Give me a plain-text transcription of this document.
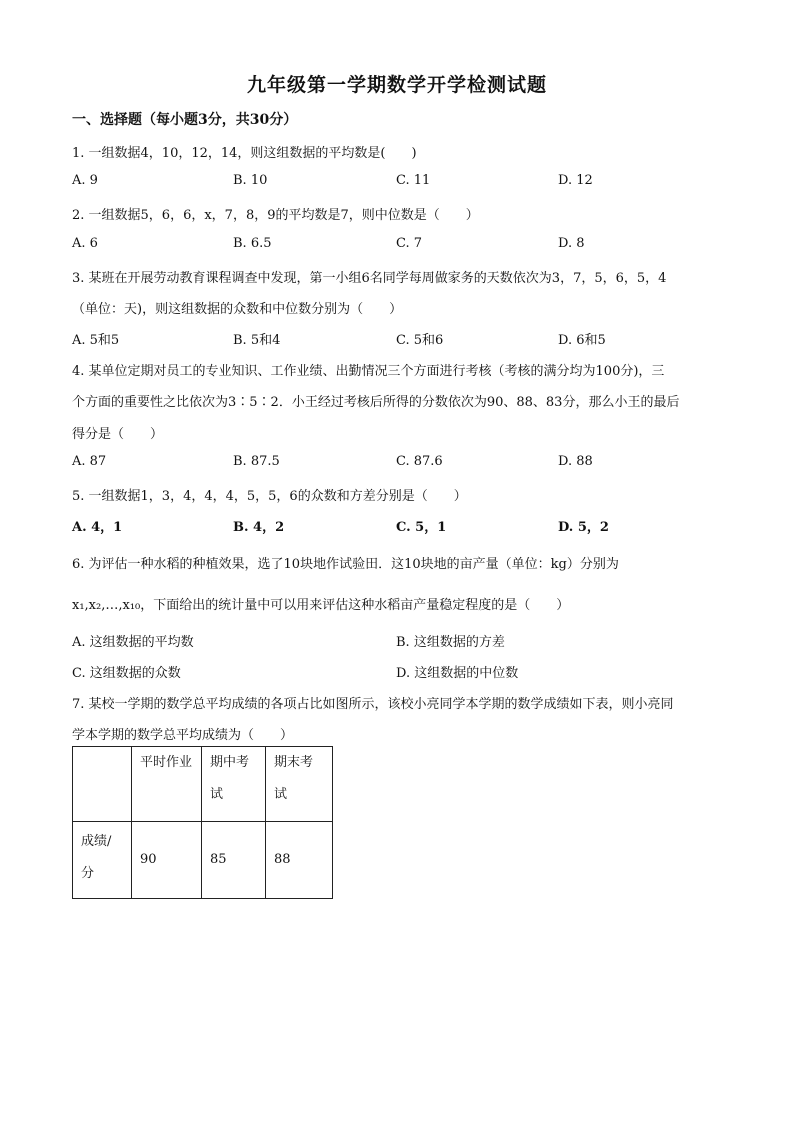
九年级第一学期数学开学检测试题
一、选择题（每小题3分，共30分）
1. 一组数据4，10，12，14，则这组数据的平均数是(　　)
A. 9	B. 10	C. 11	D. 12
2. 一组数据5，6，6，x，7，8，9的平均数是7，则中位数是（　　）
A. 6	B. 6.5	C. 7	D. 8
3. 某班在开展劳动教育课程调查中发现，第一小组6名同学每周做家务的天数依次为3，7，5，6，5，4
（单位：天)，则这组数据的众数和中位数分别为（　　）
A. 5和5	B. 5和4	C. 5和6	D. 6和5
4. 某单位定期对员工的专业知识、工作业绩、出勤情况三个方面进行考核（考核的满分均为100分)，三
个方面的重要性之比依次为3∶5∶2．小王经过考核后所得的分数依次为90、88、83分，那么小王的最后
得分是（　　）
A. 87	B. 87.5	C. 87.6	D. 88
5. 一组数据1，3，4，4，4，5，5，6的众数和方差分别是（　　）
A. 4，1	B. 4，2	C. 5，1	D. 5，2
6. 为评估一种水稻的种植效果，选了10块地作试验田．这10块地的亩产量（单位：kg）分别为
x₁,x₂,…,x₁₀，下面给出的统计量中可以用来评估这种水稻亩产量稳定程度的是（　　）
A. 这组数据的平均数	B. 这组数据的方差
C. 这组数据的众数	D. 这组数据的中位数
7. 某校一学期的数学总平均成绩的各项占比如图所示，该校小亮同学本学期的数学成绩如下表，则小亮同
学本学期的数学总平均成绩为（　　）
	平时作业	期中考试	期末考试
成绩/分	90	85	88
